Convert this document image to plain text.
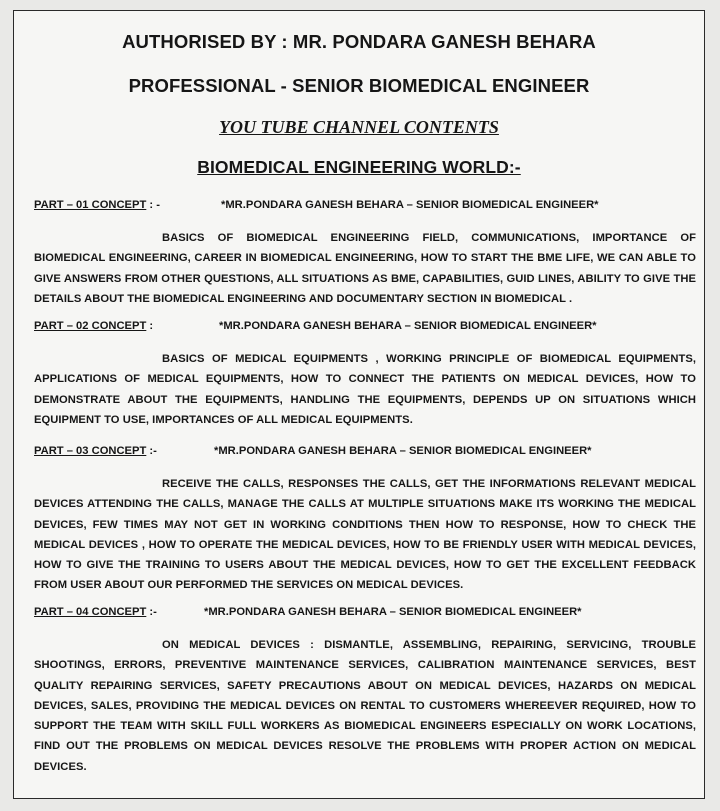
AUTHORISED BY : MR. PONDARA GANESH BEHARA
PROFESSIONAL - SENIOR BIOMEDICAL ENGINEER
YOU TUBE CHANNEL CONTENTS
BIOMEDICAL ENGINEERING WORLD:-
PART – 01 CONCEPT : -	*MR.PONDARA GANESH BEHARA – SENIOR BIOMEDICAL ENGINEER*
BASICS OF BIOMEDICAL ENGINEERING FIELD, COMMUNICATIONS, IMPORTANCE OF BIOMEDICAL ENGINEERING, CAREER IN BIOMEDICAL ENGINEERING, HOW TO START THE BME LIFE, WE CAN ABLE TO GIVE ANSWERS FROM OTHER QUESTIONS, ALL SITUATIONS AS BME, CAPABILITIES, GUID LINES, ABILITY TO GIVE THE DETAILS ABOUT THE BIOMEDICAL ENGINEERING AND DOCUMENTARY SECTION IN BIOMEDICAL .
PART – 02 CONCEPT :	*MR.PONDARA GANESH BEHARA – SENIOR BIOMEDICAL ENGINEER*
BASICS OF MEDICAL EQUIPMENTS , WORKING PRINCIPLE OF BIOMEDICAL EQUIPMENTS, APPLICATIONS OF MEDICAL EQUIPMENTS, HOW TO CONNECT THE PATIENTS ON MEDICAL DEVICES, HOW TO DEMONSTRATE ABOUT THE EQUIPMENTS, HANDLING THE EQUIPMENTS, DEPENDS UP ON SITUATIONS WHICH EQUIPMENT TO USE, IMPORTANCES OF ALL MEDICAL EQUIPMENTS.
PART – 03 CONCEPT :-	*MR.PONDARA GANESH BEHARA – SENIOR BIOMEDICAL ENGINEER*
RECEIVE THE CALLS, RESPONSES THE CALLS, GET THE INFORMATIONS RELEVANT MEDICAL DEVICES ATTENDING THE CALLS, MANAGE THE CALLS AT MULTIPLE SITUATIONS MAKE ITS WORKING THE MEDICAL DEVICES, FEW TIMES MAY NOT GET IN WORKING CONDITIONS THEN HOW TO RESPONSE, HOW TO CHECK THE MEDICAL DEVICES , HOW TO OPERATE THE MEDICAL DEVICES, HOW TO BE FRIENDLY USER WITH MEDICAL DEVICES, HOW TO GIVE THE TRAINING TO USERS ABOUT THE MEDICAL DEVICES, HOW TO GET THE EXCELLENT FEEDBACK FROM USER ABOUT OUR PERFORMED THE SERVICES ON MEDICAL DEVICES.
PART – 04 CONCEPT :-	*MR.PONDARA GANESH BEHARA – SENIOR BIOMEDICAL ENGINEER*
ON MEDICAL DEVICES : DISMANTLE, ASSEMBLING, REPAIRING, SERVICING, TROUBLE SHOOTINGS, ERRORS, PREVENTIVE MAINTENANCE SERVICES, CALIBRATION MAINTENANCE SERVICES, BEST QUALITY REPAIRING SERVICES, SAFETY PRECAUTIONS ABOUT ON MEDICAL DEVICES, HAZARDS ON MEDICAL DEVICES, SALES, PROVIDING THE MEDICAL DEVICES ON RENTAL TO CUSTOMERS WHEREEVER REQUIRED, HOW TO SUPPORT THE TEAM WITH SKILL FULL WORKERS AS BIOMEDICAL ENGINEERS ESPECIALLY ON WORK LOCATIONS, FIND OUT THE PROBLEMS ON MEDICAL DEVICES RESOLVE THE PROBLEMS WITH PROPER ACTION ON MEDICAL DEVICES.
